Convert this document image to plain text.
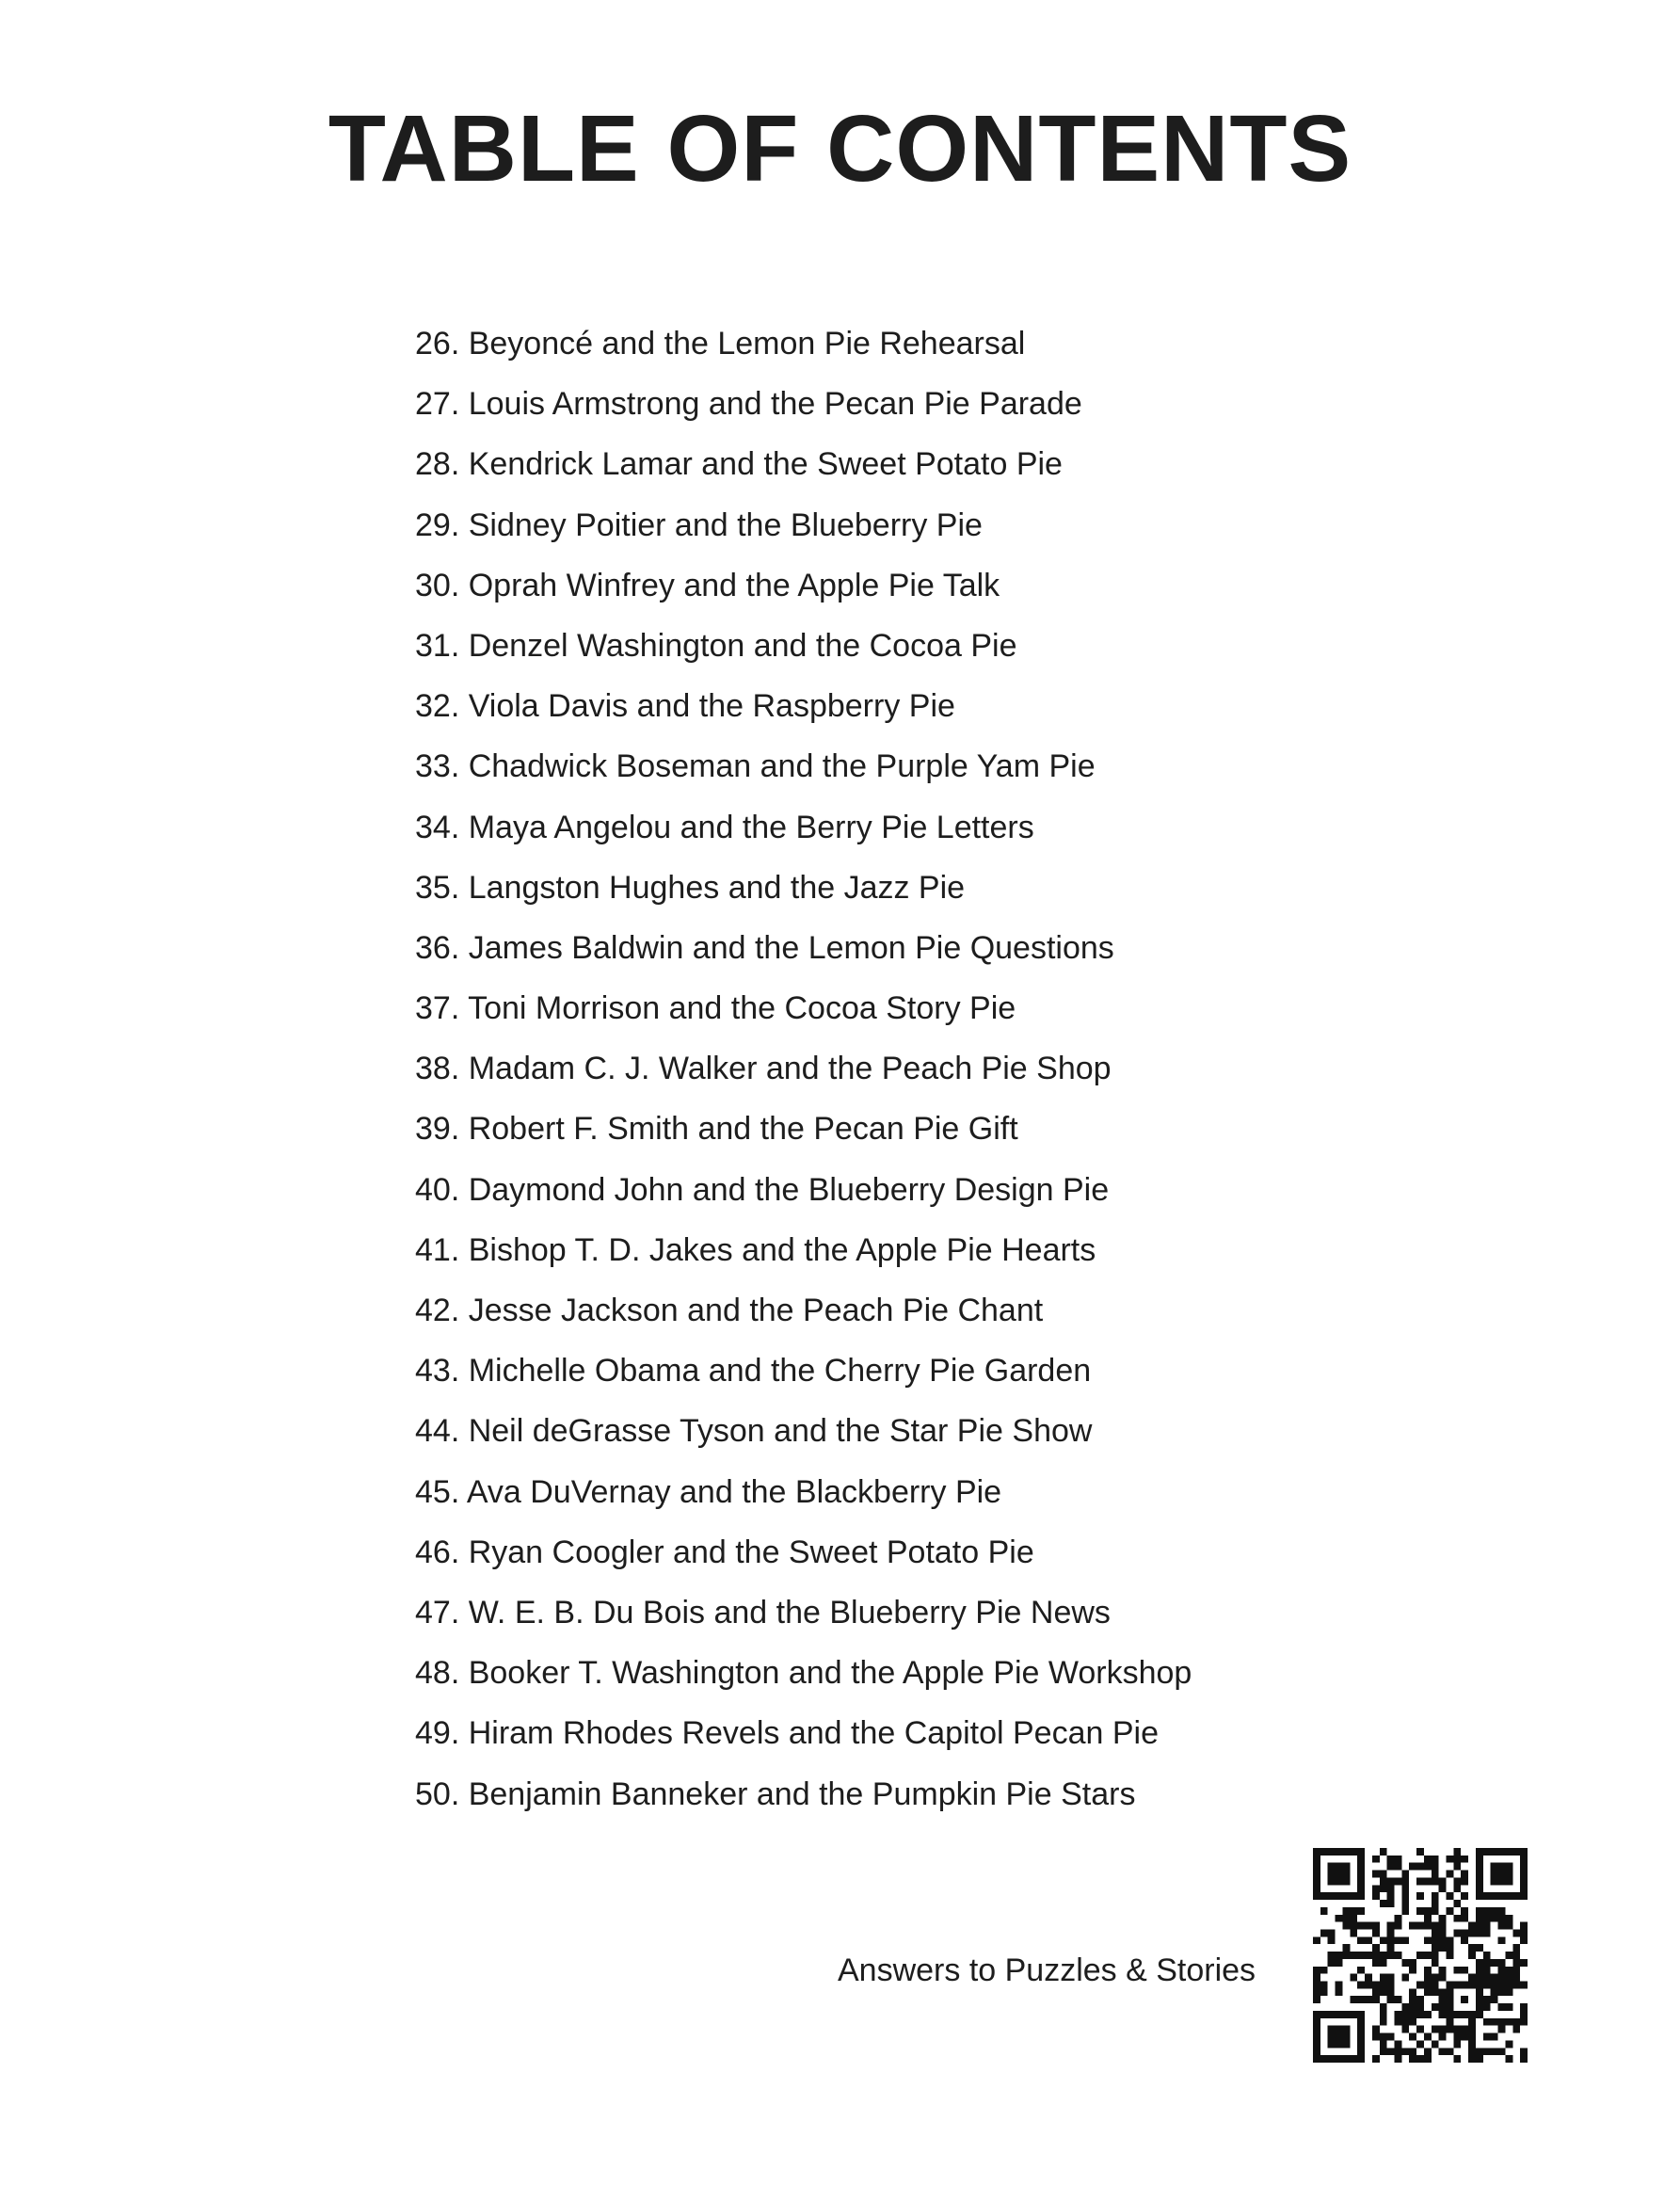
TABLE OF CONTENTS
26. Beyoncé and the Lemon Pie Rehearsal
27. Louis Armstrong and the Pecan Pie Parade
28. Kendrick Lamar and the Sweet Potato Pie
29. Sidney Poitier and the Blueberry Pie
30. Oprah Winfrey and the Apple Pie Talk
31. Denzel Washington and the Cocoa Pie
32. Viola Davis and the Raspberry Pie
33. Chadwick Boseman and the Purple Yam Pie
34. Maya Angelou and the Berry Pie Letters
35. Langston Hughes and the Jazz Pie
36. James Baldwin and the Lemon Pie Questions
37. Toni Morrison and the Cocoa Story Pie
38. Madam C. J. Walker and the Peach Pie Shop
39. Robert F. Smith and the Pecan Pie Gift
40. Daymond John and the Blueberry Design Pie
41. Bishop T. D. Jakes and the Apple Pie Hearts
42. Jesse Jackson and the Peach Pie Chant
43. Michelle Obama and the Cherry Pie Garden
44. Neil deGrasse Tyson and the Star Pie Show
45. Ava DuVernay and the Blackberry Pie
46. Ryan Coogler and the Sweet Potato Pie
47. W. E. B. Du Bois and the Blueberry Pie News
48. Booker T. Washington and the Apple Pie Workshop
49. Hiram Rhodes Revels and the Capitol Pecan Pie
50. Benjamin Banneker and the Pumpkin Pie Stars
Answers to Puzzles & Stories
